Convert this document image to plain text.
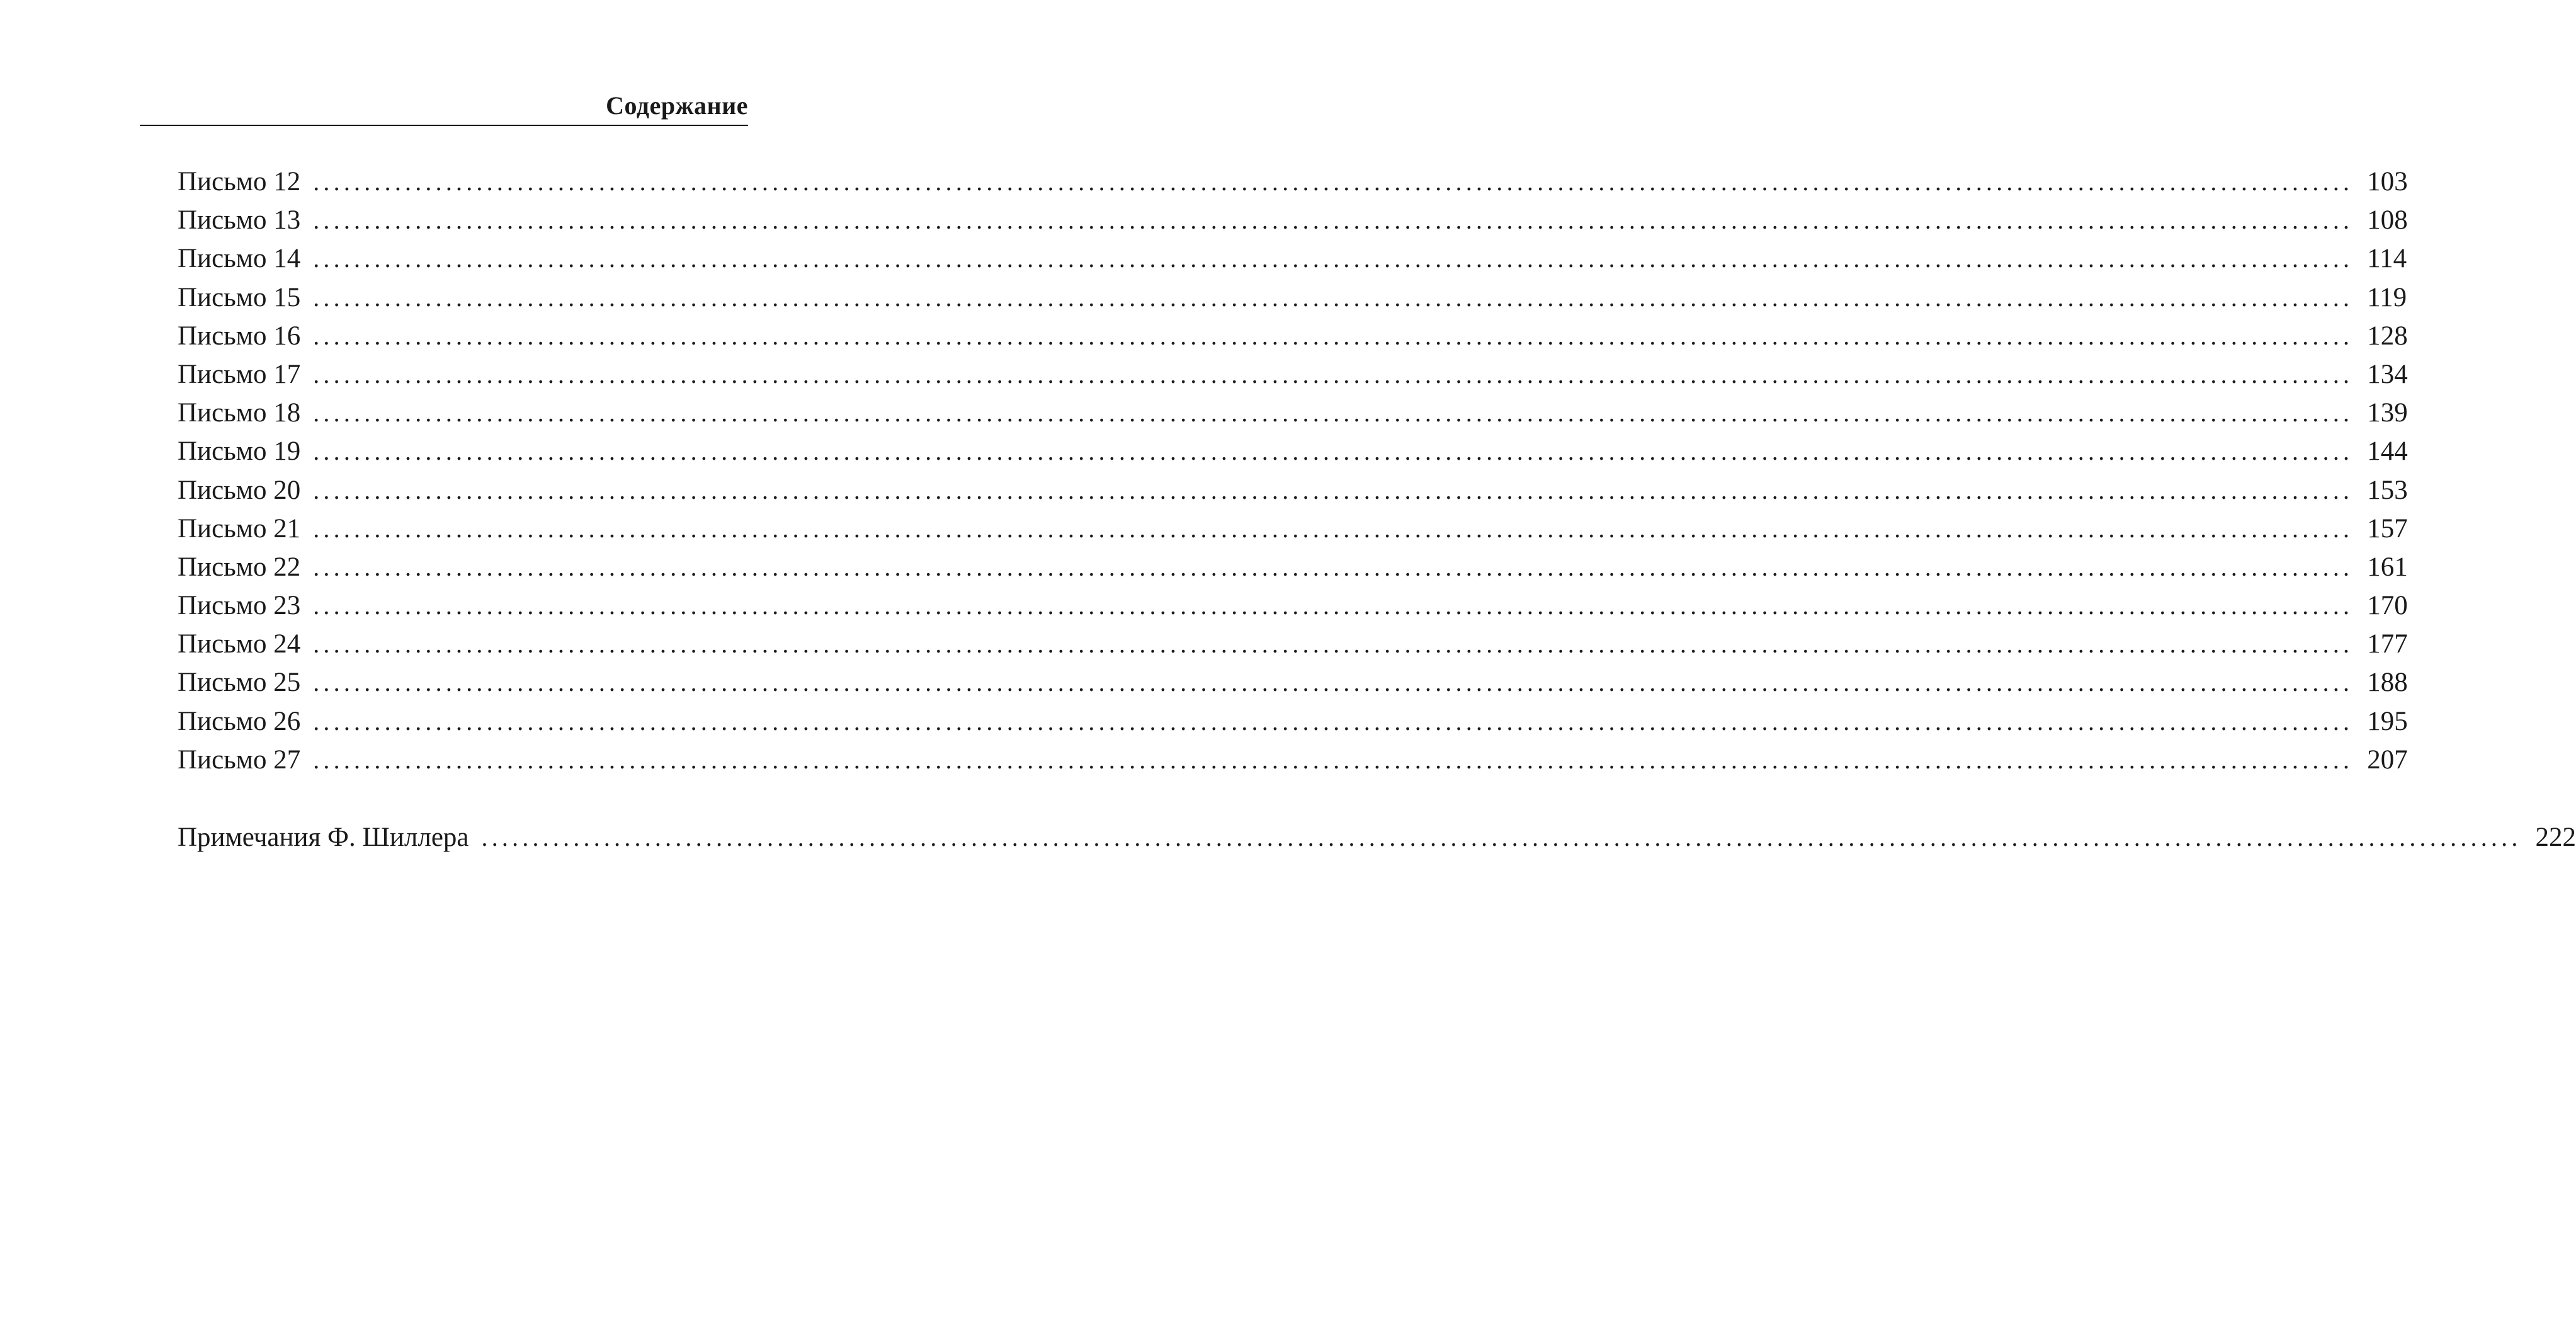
Содержание
Письмо 12 ........................................................................................................................................................................................................ 103
Письмо 13 ........................................................................................................................................................................................................ 108
Письмо 14 ........................................................................................................................................................................................................ 114
Письмо 15 ........................................................................................................................................................................................................ 119
Письмо 16 ........................................................................................................................................................................................................ 128
Письмо 17 ........................................................................................................................................................................................................ 134
Письмо 18 ........................................................................................................................................................................................................ 139
Письмо 19 ........................................................................................................................................................................................................ 144
Письмо 20 ........................................................................................................................................................................................................ 153
Письмо 21 ........................................................................................................................................................................................................ 157
Письмо 22 ........................................................................................................................................................................................................ 161
Письмо 23 ........................................................................................................................................................................................................ 170
Письмо 24 ........................................................................................................................................................................................................ 177
Письмо 25 ........................................................................................................................................................................................................ 188
Письмо 26 ........................................................................................................................................................................................................ 195
Письмо 27 ........................................................................................................................................................................................................ 207
Примечания Ф. Шиллера ........................................................................................................................................................................................................ 222
